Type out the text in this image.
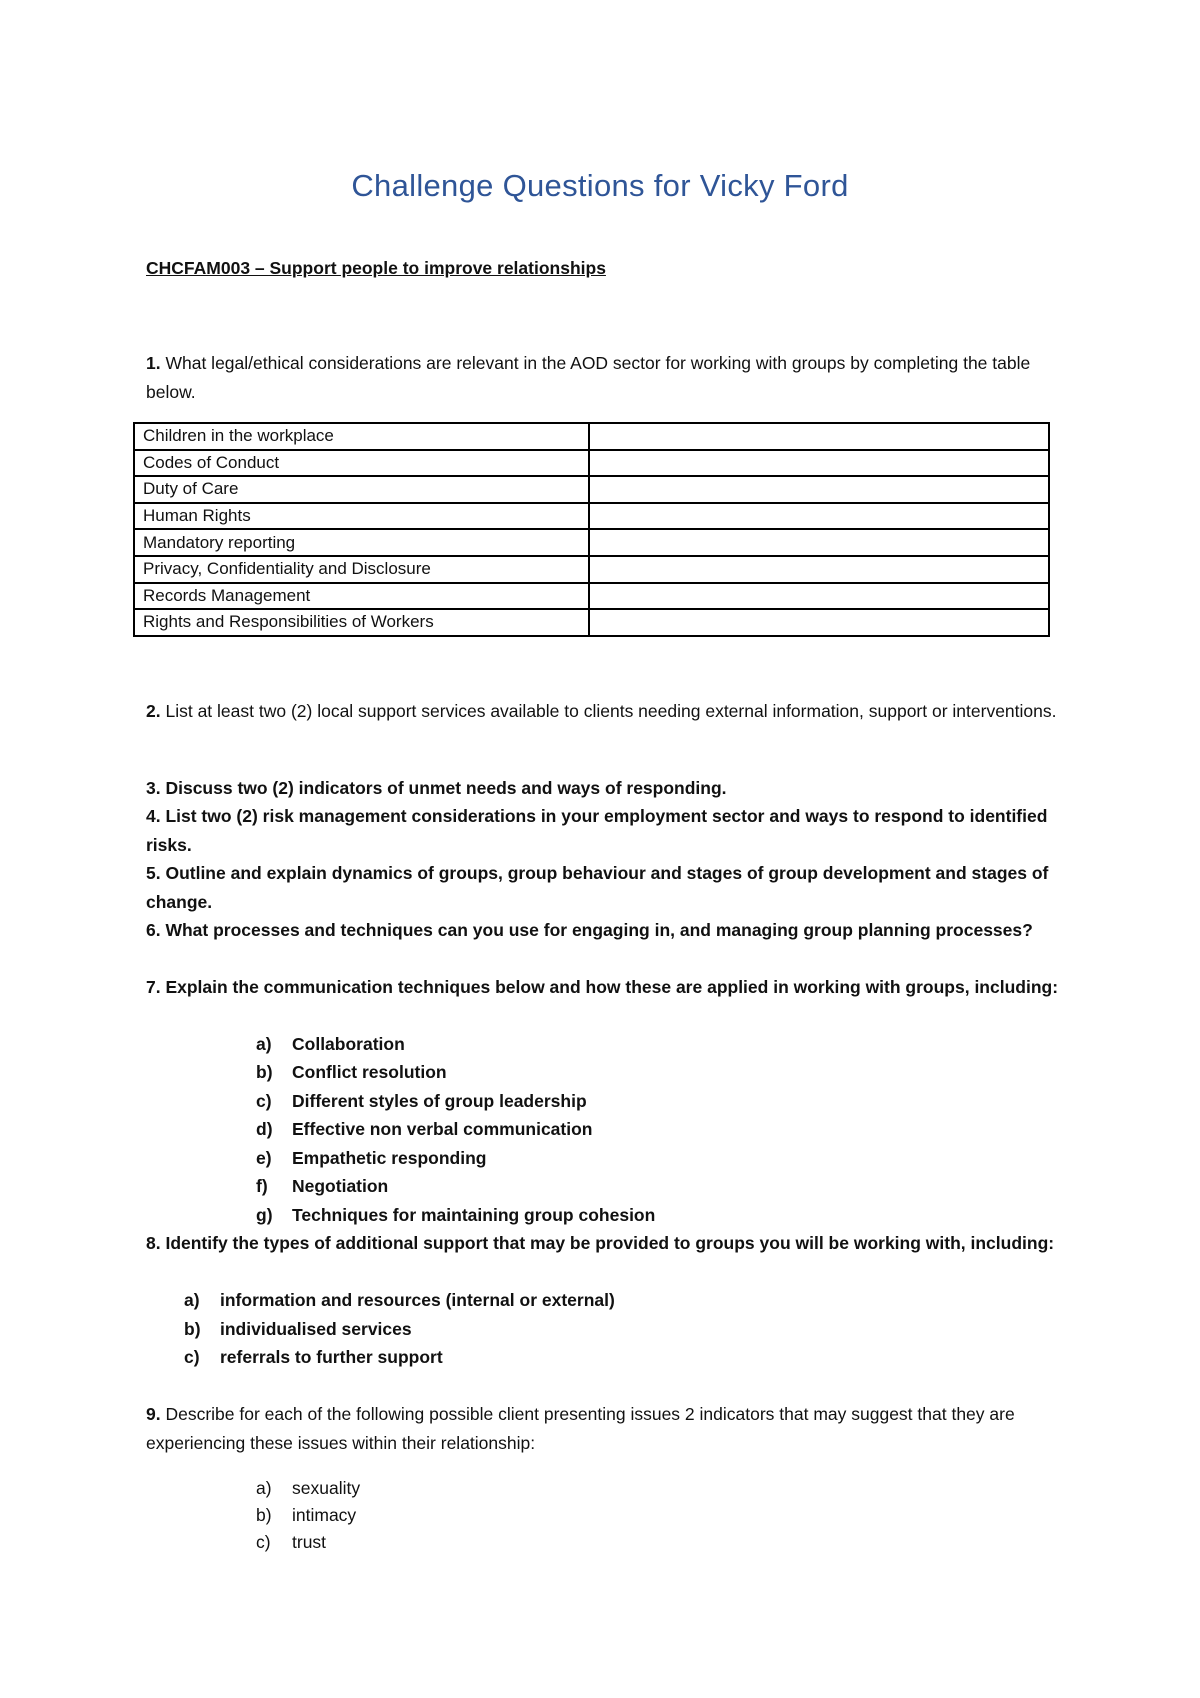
Challenge Questions for Vicky Ford
CHCFAM003 – Support people to improve relationships
1. What legal/ethical considerations are relevant in the AOD sector for working with groups by completing the table below.
Children in the workplace	
Codes of Conduct	
Duty of Care	
Human Rights	
Mandatory reporting	
Privacy, Confidentiality and Disclosure	
Records Management	
Rights and Responsibilities of Workers	
2. List at least two (2) local support services available to clients needing external information, support or interventions.
3. Discuss two (2) indicators of unmet needs and ways of responding.
4. List two (2) risk management considerations in your employment sector and ways to respond to identified risks.
5. Outline and explain dynamics of groups, group behaviour and stages of group development and stages of change.
6. What processes and techniques can you use for engaging in, and managing group planning processes?
7. Explain the communication techniques below and how these are applied in working with groups, including:
a) Collaboration
b) Conflict resolution
c) Different styles of group leadership
d) Effective non verbal communication
e) Empathetic responding
f) Negotiation
g) Techniques for maintaining group cohesion
8. Identify the types of additional support that may be provided to groups you will be working with, including:
a) information and resources (internal or external)
b) individualised services
c) referrals to further support
9. Describe for each of the following possible client presenting issues 2 indicators that may suggest that they are experiencing these issues within their relationship:
a) sexuality
b) intimacy
c) trust
